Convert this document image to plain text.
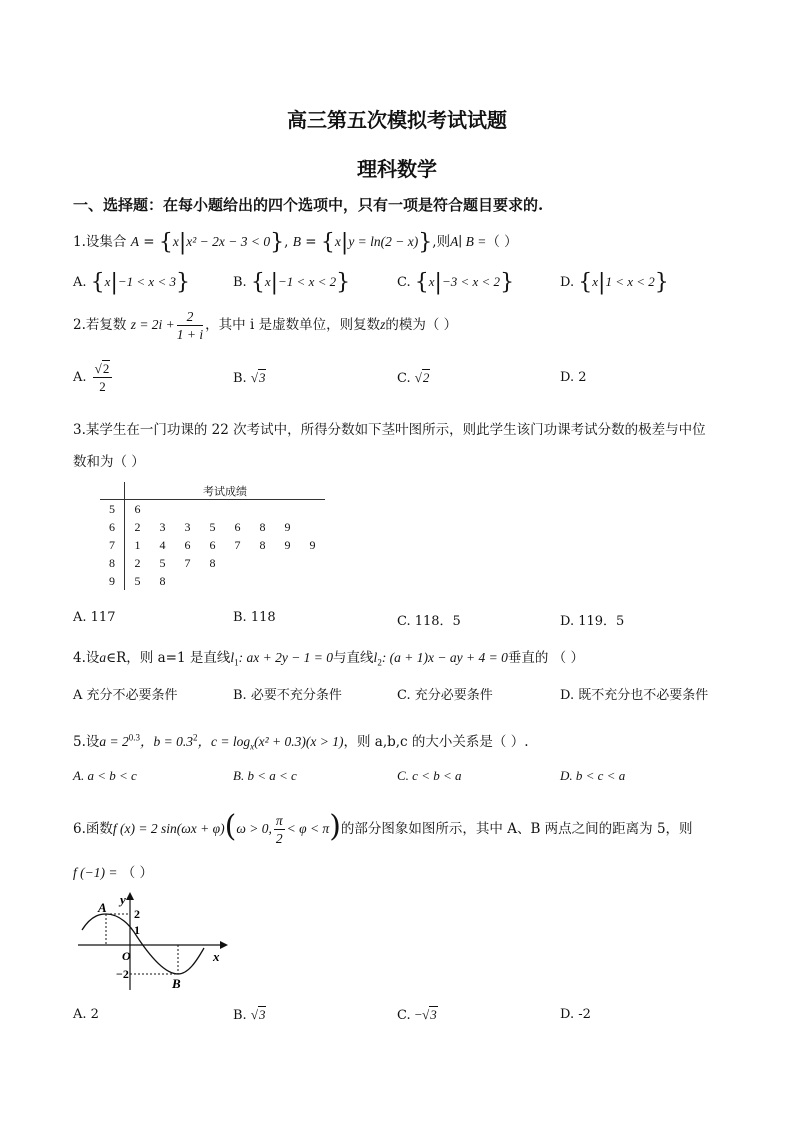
高三第五次模拟考试试题
理科数学
一、选择题：在每小题给出的四个选项中，只有一项是符合题目要求的.
1.设集合 A = {x|x² − 2x − 3 < 0}, B = {x|y = ln(2 − x)},则A∣ B =（ ）
A. {x|−1 < x < 3}	B. {x|−1 < x < 2}	C. {x|−3 < x < 2}	D. {x|1 < x < 2}
2.若复数 $z = 2i + \frac{2}{1 + i}$ ，其中 i 是虚数单位，则复数z的模为（ ）
A. $\frac{√2}{2}$	B. √3	C. √2	D. 2
3.某学生在一门功课的 22 次考试中，所得分数如下茎叶图所示，则此学生该门功课考试分数的极差与中位
数和为（ ）
	考试成绩							
5	6							
6	2	3	3	5	6	8	9	
7	1	4	6	6	7	8	9	9
8	2	5	7	8				
9	5	8						
A. 117	B. 118	C. 118．5	D. 119．5
4.设a∈R，则 a=1 是直线$l_1$: ax + 2y − 1 = 0与直线$l_2$: (a + 1)x − ay + 4 = 0垂直的 （ ）
A 充分不必要条件	B. 必要不充分条件	C. 充分必要条件	D. 既不充分也不必要条件
5.设$a = 2^{0.3}$，$b = 0.3^2$，$c = \log_x(x^2 + 0.3)(x > 1)$，则 a,b,c 的大小关系是（ ）.
A. a < b < c	B. b < a < c	C. c < b < a	D. b < c < a
6.函数f (x) = 2 sin(ωx + φ)(ω > 0, $\frac{\pi}{2} < \varphi < \pi$)的部分图象如图所示，其中 A、B 两点之间的距离为 5，则
f (−1) = （ ）
A
B
y
x
O
2
1
−2
A. 2	B. √3	C. −√3	D. -2
